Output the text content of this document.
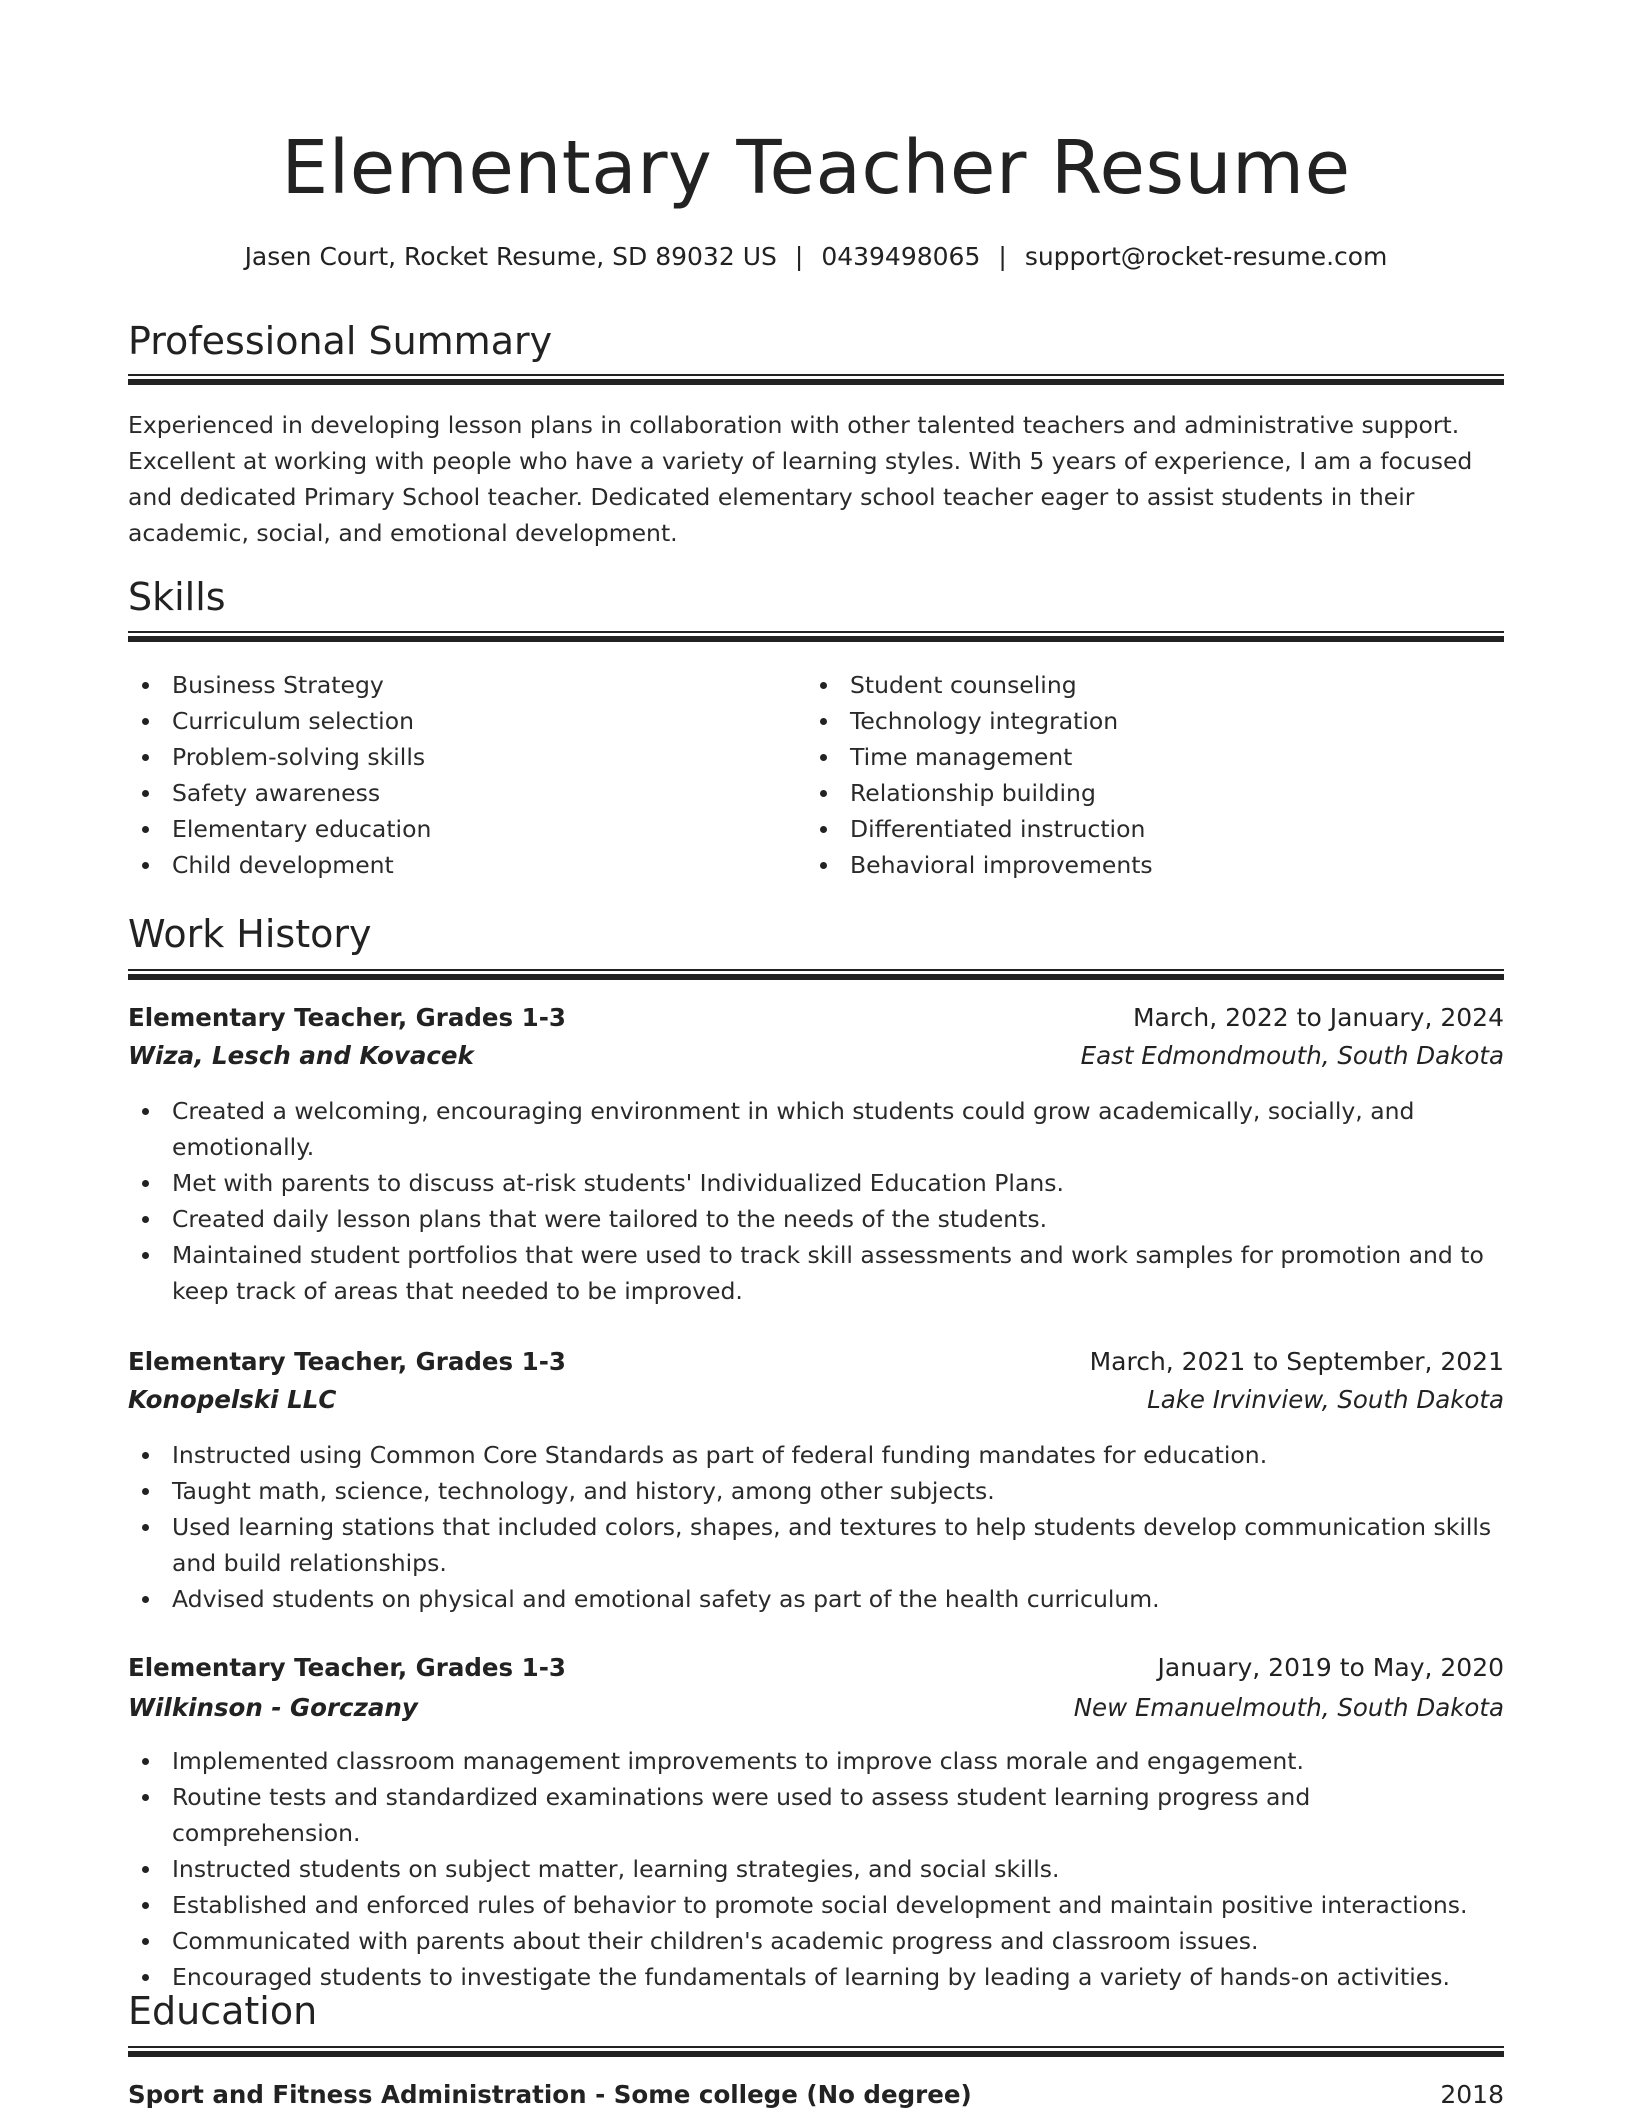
Elementary Teacher Resume
Jasen Court, Rocket Resume, SD 89032 US | 0439498065 | support@rocket-resume.com
Professional Summary

Experienced in developing lesson plans in collaboration with other talented teachers and administrative support. Excellent at working with people who have a variety of learning styles. With 5 years of experience, I am a focused and dedicated Primary School teacher. Dedicated elementary school teacher eager to assist students in their academic, social, and emotional development.

Skills
Business Strategy
Curriculum selection
Problem-solving skills
Safety awareness
Elementary education
Child development
Student counseling
Technology integration
Time management
Relationship building
Differentiated instruction
Behavioral improvements
Work History
Elementary Teacher, Grades 1-3	March, 2022 to January, 2024
Wiza, Lesch and Kovacek	East Edmondmouth, South Dakota
Created a welcoming, encouraging environment in which students could grow academically, socially, and emotionally.
Met with parents to discuss at-risk students' Individualized Education Plans.
Created daily lesson plans that were tailored to the needs of the students.
Maintained student portfolios that were used to track skill assessments and work samples for promotion and to keep track of areas that needed to be improved.
Elementary Teacher, Grades 1-3	March, 2021 to September, 2021
Konopelski LLC	Lake Irvinview, South Dakota
Instructed using Common Core Standards as part of federal funding mandates for education.
Taught math, science, technology, and history, among other subjects.
Used learning stations that included colors, shapes, and textures to help students develop communication skills and build relationships.
Advised students on physical and emotional safety as part of the health curriculum.
Elementary Teacher, Grades 1-3	January, 2019 to May, 2020
Wilkinson - Gorczany	New Emanuelmouth, South Dakota
Implemented classroom management improvements to improve class morale and engagement.
Routine tests and standardized examinations were used to assess student learning progress and comprehension.
Instructed students on subject matter, learning strategies, and social skills.
Established and enforced rules of behavior to promote social development and maintain positive interactions.
Communicated with parents about their children's academic progress and classroom issues.
Encouraged students to investigate the fundamentals of learning by leading a variety of hands-on activities.
Education
Sport and Fitness Administration - Some college (No degree)	2018
